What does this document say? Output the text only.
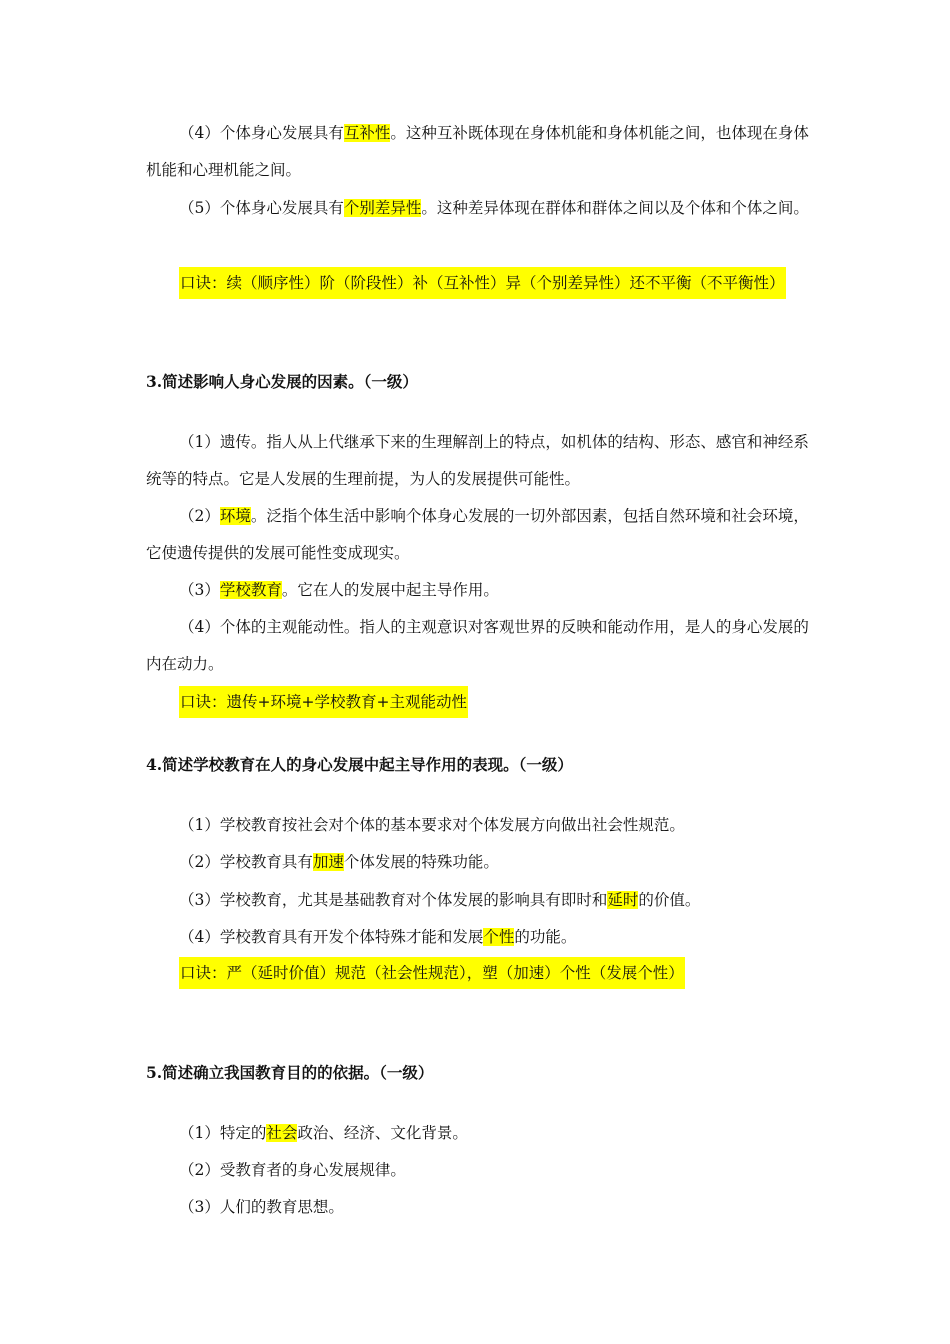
（4）个体身心发展具有互补性。这种互补既体现在身体机能和身体机能之间，也体现在身体机能和心理机能之间。
（5）个体身心发展具有个别差异性。这种差异体现在群体和群体之间以及个体和个体之间。
口诀：续（顺序性）阶（阶段性）补（互补性）异（个别差异性）还不平衡（不平衡性）
3.简述影响人身心发展的因素。（一级）
（1）遗传。指人从上代继承下来的生理解剖上的特点，如机体的结构、形态、感官和神经系统等的特点。它是人发展的生理前提，为人的发展提供可能性。
（2）环境。泛指个体生活中影响个体身心发展的一切外部因素，包括自然环境和社会环境，它使遗传提供的发展可能性变成现实。
（3）学校教育。它在人的发展中起主导作用。
（4）个体的主观能动性。指人的主观意识对客观世界的反映和能动作用，是人的身心发展的内在动力。
口诀：遗传+环境+学校教育+主观能动性
4.简述学校教育在人的身心发展中起主导作用的表现。（一级）
（1）学校教育按社会对个体的基本要求对个体发展方向做出社会性规范。
（2）学校教育具有加速个体发展的特殊功能。
（3）学校教育，尤其是基础教育对个体发展的影响具有即时和延时的价值。
（4）学校教育具有开发个体特殊才能和发展个性的功能。
口诀：严（延时价值）规范（社会性规范），塑（加速）个性（发展个性）
5.简述确立我国教育目的的依据。（一级）
（1）特定的社会政治、经济、文化背景。
（2）受教育者的身心发展规律。
（3）人们的教育思想。
